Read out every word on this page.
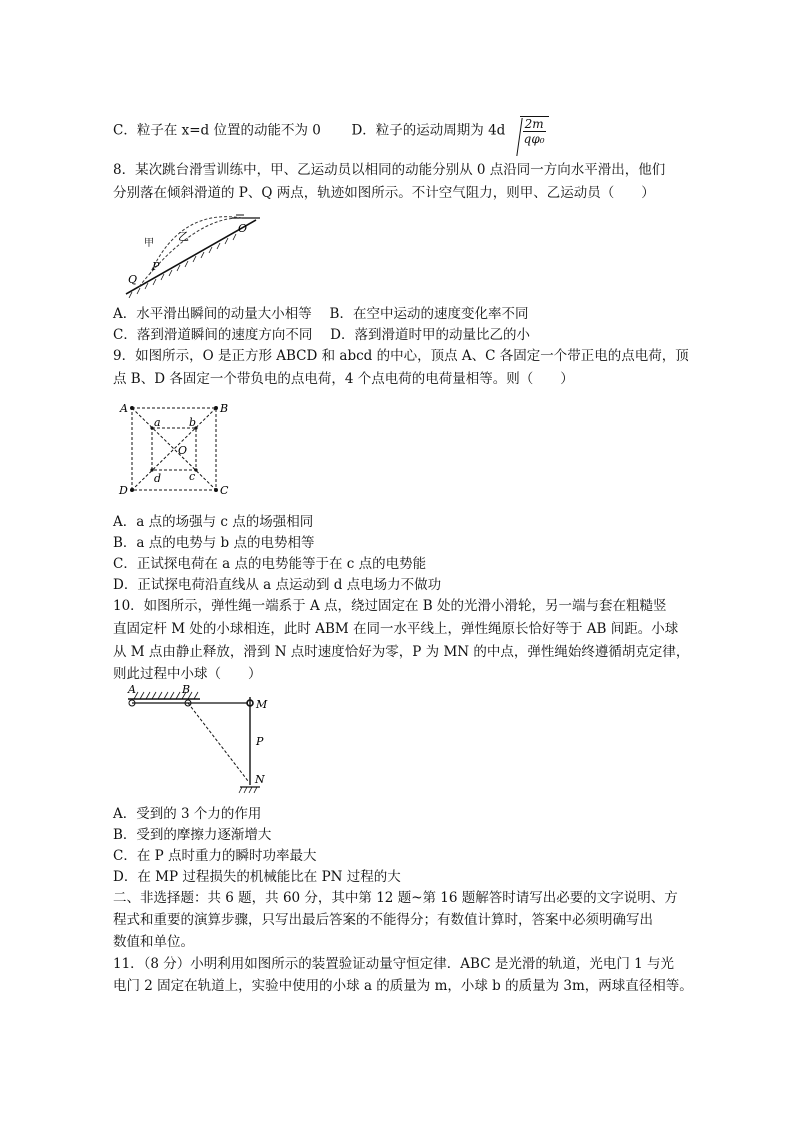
C．粒子在 x=d 位置的动能不为 0 D．粒子的运动周期为 $4d \frac{2m}{\text{qφ₀}}$
8．某次跳台滑雪训练中，甲、乙运动员以相同的动能分别从 0 点沿同一方向水平滑出，他们
分别落在倾斜滑道的 P、Q 两点，轨迹如图所示。不计空气阻力，则甲、乙运动员（　　）
O
P
Q
甲
乙
A．水平滑出瞬间的动量大小相等　 B．在空中运动的速度变化率不同
C．落到滑道瞬间的速度方向不同　 D．落到滑道时甲的动量比乙的小
9．如图所示，O 是正方形 ABCD 和 abcd 的中心，顶点 A、C 各固定一个带正电的点电荷，顶
点 B、D 各固定一个带负电的点电荷，4 个点电荷的电荷量相等。则（　　）
A	B
C
D
a	b
c
d
O
A．a 点的场强与 c 点的场强相同
B．a 点的电势与 b 点的电势相等
C．正试探电荷在 a 点的电势能等于在 c 点的电势能
D．正试探电荷沿直线从 a 点运动到 d 点电场力不做功
10．如图所示，弹性绳一端系于 A 点，绕过固定在 B 处的光滑小滑轮，另一端与套在粗糙竖
直固定杆 M 处的小球相连，此时 ABM 在同一水平线上，弹性绳原长恰好等于 AB 间距。小球
从 M 点由静止释放，滑到 N 点时速度恰好为零，P 为 MN 的中点，弹性绳始终遵循胡克定律，
则此过程中小球（　　）
A	B
M
P
N
A．受到的 3 个力的作用
B．受到的摩擦力逐渐增大
C．在 P 点时重力的瞬时功率最大
D．在 MP 过程损失的机械能比在 PN 过程的大
二、非选择题：共 6 题，共 60 分，其中第 12 题~第 16 题解答时请写出必要的文字说明、方
程式和重要的演算步骤，只写出最后答案的不能得分；有数值计算时，答案中必须明确写出
数值和单位。
11．（8 分）小明利用如图所示的装置验证动量守恒定律．ABC 是光滑的轨道，光电门 1 与光
电门 2 固定在轨道上，实验中使用的小球 a 的质量为 m，小球 b 的质量为 3m，两球直径相等。
